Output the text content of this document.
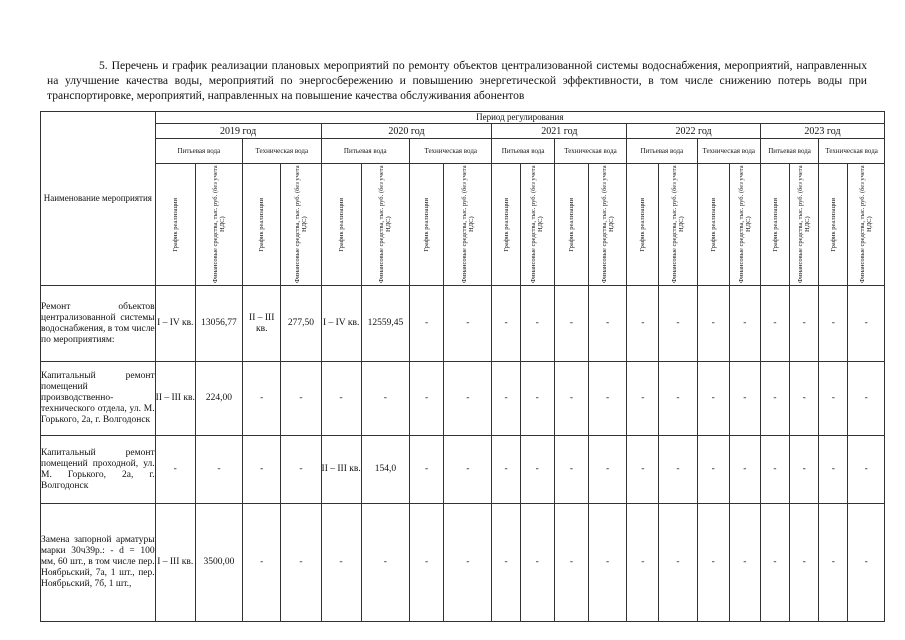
5. Перечень и график реализации плановых мероприятий по ремонту объектов централизованной системы водоснабжения, мероприятий, направленных на улучшение качества воды, мероприятий по энергосбережению и повышению энергетической эффективности, в том числе снижению потерь воды при транспортировке, мероприятий, направленных на повышение качества обслуживания абонентов

Наименование мероприятия	Период регулирования																			
	2019 год				2020 год				2021 год				2022 год				2023 год			
	Питьевая вода		Техническая вода		Питьевая вода		Техническая вода		Питьевая вода		Техническая вода		Питьевая вода		Техническая вода		Питьевая вода		Техническая вода	

	График реализации	Финансовые средства, тыс. руб. (без учета НДС)	График реализации	Финансовые средства, тыс. руб. (без учета НДС)	График реализации	Финансовые средства, тыс. руб. (без учета НДС)	График реализации	Финансовые средства, тыс. руб. (без учета НДС)	График реализации	Финансовые средства, тыс. руб. (без учета НДС)	График реализации	Финансовые средства, тыс. руб. (без учета НДС)	График реализации	Финансовые средства, тыс. руб. (без учета НДС)	График реализации	Финансовые средства, тыс. руб. (без учета НДС)	График реализации	Финансовые средства, тыс. руб. (без учета НДС)	График реализации	Финансовые средства, тыс. руб. (без учета НДС)

Ремонт объектов централизованной системы водоснабжения, в том числе по мероприятиям:	I – IV кв.	13056,77	II – III кв.	277,50	I – IV кв.	12559,45	-	-	-	-	-	-	-	-	-	-	-	-	-	-
Капитальный ремонт помещений производственно-технического отдела, ул. М. Горького, 2а, г. Волгодонск	II – III кв.	224,00	-	-	-	-	-	-	-	-	-	-	-	-	-	-	-	-	-	-
Капитальный ремонт помещений проходной, ул. М. Горького, 2а, г. Волгодонск	-	-	-	-	II – III кв.	154,0	-	-	-	-	-	-	-	-	-	-	-	-	-	-
Замена запорной арматуры марки 30ч39р.: - d = 100 мм, 60 шт., в том числе пер. Ноябрьский, 7а, 1 шт., пер. Ноябрьский, 7б, 1 шт.,	I – III кв.	3500,00	-	-	-	-	-	-	-	-	-	-	-	-	-	-	-	-	-	-
